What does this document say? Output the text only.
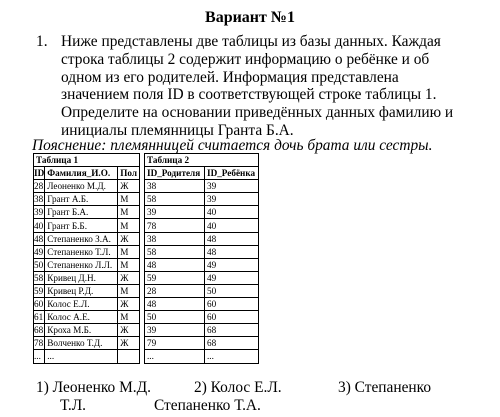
Вариант №1
1. Ниже представлены две таблицы из базы данных. Каждая
строка таблицы 2 содержит информацию о ребёнке и об
одном из его родителей. Информация представлена
значением поля ID в соответствующей строке таблицы 1.
Определите на основании приведённых данных фамилию и
инициалы племянницы Гранта Б.А.
Пояснение: племянницей считается дочь брата или сестры.
Таблица 1		
ID	Фамилия_И.О.	Пол
28	Леоненко М.Д.	Ж
38	Грант А.Б.	М
39	Грант Б.А.	М
40	Грант Б.Б.	М
48	Степаненко З.А.	Ж
49	Степаненко Т.Л.	М
50	Степаненко Л.Л.	М
58	Кривец Д.Н.	Ж
59	Кривец Р.Д.	М
60	Колос Е.Л.	Ж
61	Колос А.Е.	М
68	Кроха М.Б.	Ж
78	Волченко Т.Д.	Ж
...	...	
Таблица 2	
ID_Родителя	ID_Ребёнка
38	39
58	39
39	40
78	40
38	48
58	48
48	49
59	49
28	50
48	60
50	60
39	68
79	68
...	...
1) Леоненко М.Д.	2) Колос Е.Л.	3) Степаненко
Т.Л.	Степаненко Т.А.
